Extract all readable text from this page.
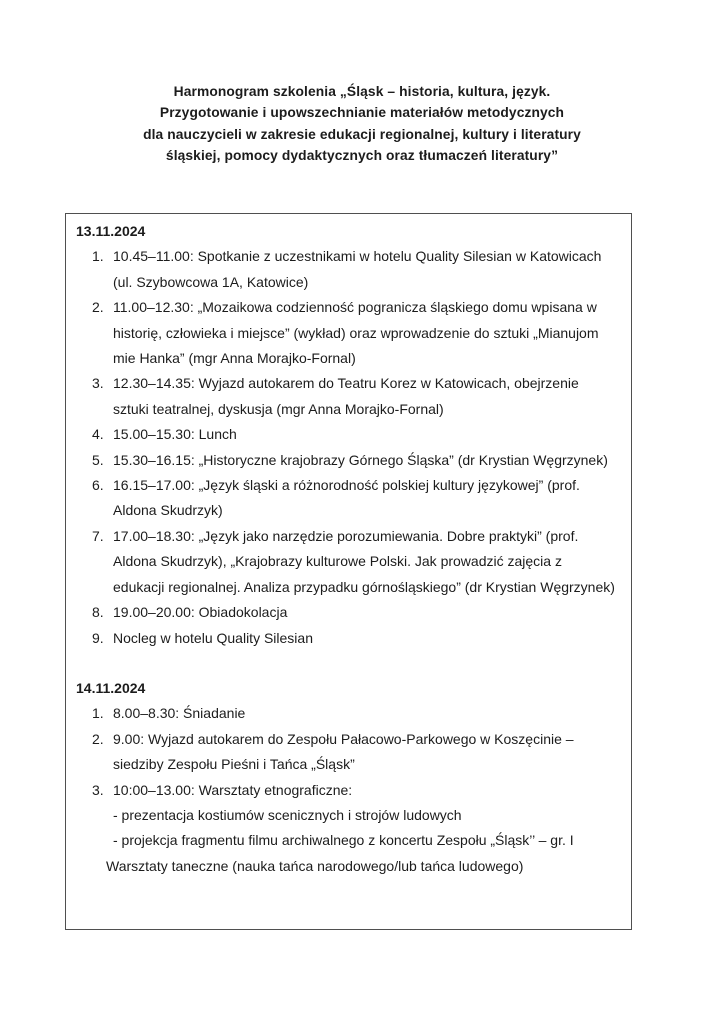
Harmonogram szkolenia „Śląsk – historia, kultura, język.
Przygotowanie i upowszechnianie materiałów metodycznych
dla nauczycieli w zakresie edukacji regionalnej, kultury i literatury
śląskiej, pomocy dydaktycznych oraz tłumaczeń literatury”
13.11.2024
1. 10.45–11.00: Spotkanie z uczestnikami w hotelu Quality Silesian w Katowicach (ul. Szybowcowa 1A, Katowice)
2. 11.00–12.30: „Mozaikowa codzienność pogranicza śląskiego domu wpisana w historię, człowieka i miejsce” (wykład) oraz wprowadzenie do sztuki „Mianujom mie Hanka” (mgr Anna Morajko-Fornal)
3. 12.30–14.35: Wyjazd autokarem do Teatru Korez w Katowicach, obejrzenie sztuki teatralnej, dyskusja (mgr Anna Morajko-Fornal)
4. 15.00–15.30: Lunch
5. 15.30–16.15: „Historyczne krajobrazy Górnego Śląska” (dr Krystian Węgrzynek)
6. 16.15–17.00: „Język śląski a różnorodność polskiej kultury językowej” (prof. Aldona Skudrzyk)
7. 17.00–18.30: „Język jako narzędzie porozumiewania. Dobre praktyki” (prof. Aldona Skudrzyk), „Krajobrazy kulturowe Polski. Jak prowadzić zajęcia z edukacji regionalnej. Analiza przypadku górnośląskiego” (dr Krystian Węgrzynek)
8. 19.00–20.00: Obiadokolacja
9. Nocleg w hotelu Quality Silesian
14.11.2024
1. 8.00–8.30: Śniadanie
2. 9.00: Wyjazd autokarem do Zespołu Pałacowo-Parkowego w Koszęcinie – siedziby Zespołu Pieśni i Tańca „Śląsk”
3. 10:00–13.00: Warsztaty etnograficzne:
- prezentacja kostiumów scenicznych i strojów ludowych
- projekcja fragmentu filmu archiwalnego z koncertu Zespołu „Śląsk’’ – gr. I
Warsztaty taneczne (nauka tańca narodowego/lub tańca ludowego)
